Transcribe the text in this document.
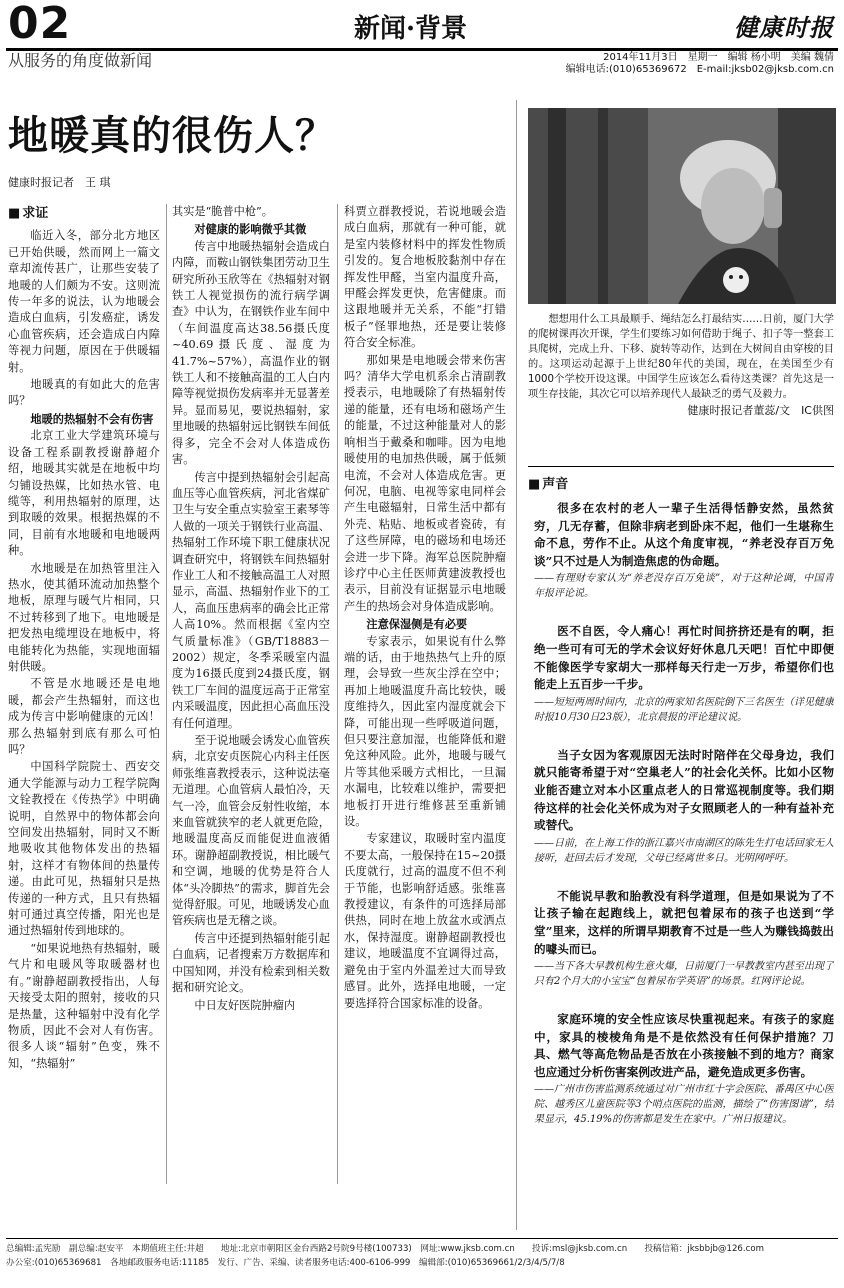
02
从服务的角度做新闻
新闻·背景	健康时报
2014年11月3日　星期一　编辑 杨小明　美编 魏倩
编辑电话:(010)65369672　E-mail:jksb02@jksb.com.cn
地暖真的很伤人？
健康时报记者　王 琪
■ 求证

临近入冬，部分北方地区已开始供暖，然而网上一篇文章却流传甚广，让那些安装了地暖的人们颇为不安。这则流传一年多的说法，认为地暖会造成白血病，引发癌症，诱发心血管疾病，还会造成白内障等视力问题，原因在于供暖辐射。

地暖真的有如此大的危害吗？

地暖的热辐射不会有伤害

北京工业大学建筑环境与设备工程系副教授谢静超介绍，地暖其实就是在地板中均匀铺设热媒，比如热水管、电缆等，利用热辐射的原理，达到取暖的效果。根据热媒的不同，目前有水地暖和电地暖两种。

水地暖是在加热管里注入热水，使其循环流动加热整个地板，原理与暖气片相同，只不过转移到了地下。电地暖是把发热电缆埋设在地板中，将电能转化为热能，实现地面辐射供暖。

不管是水地暖还是电地暖，都会产生热辐射，而这也成为传言中影响健康的元凶！那么热辐射到底有那么可怕吗？

中国科学院院士、西安交通大学能源与动力工程学院陶文铨教授在《传热学》中明确说明，自然界中的物体都会向空间发出热辐射，同时又不断地吸收其他物体发出的热辐射，这样才有物体间的热量传递。由此可见，热辐射只是热传递的一种方式，且只有热辐射可通过真空传播，阳光也是通过热辐射传到地球的。

“如果说地热有热辐射，暖气片和电暖风等取暖器材也有。”谢静超副教授指出，人每天接受太阳的照射，接收的只是热量，这种辐射中没有化学物质，因此不会对人有伤害。很多人谈“辐射”色变，殊不知，“热辐射”

其实是“脆普中枪”。

对健康的影响微乎其微

传言中地暖热辐射会造成白内障，而鞍山钢铁集团劳动卫生研究所孙玉欣等在《热辐射对钢铁工人视觉损伤的流行病学调查》中认为，在钢铁作业车间中（车间温度高达38.56摄氏度~40.69摄氏度、湿度为41.7%~57%），高温作业的钢铁工人和不接触高温的工人白内障等视觉损伤发病率并无显著差异。显而易见，要说热辐射，家里地暖的热辐射远比钢铁车间低得多，完全不会对人体造成伤害。

传言中提到热辐射会引起高血压等心血管疾病，河北省煤矿卫生与安全重点实验室王素琴等人做的一项关于钢铁行业高温、热辐射工作环境下职工健康状况调查研究中，将钢铁车间热辐射作业工人和不接触高温工人对照显示，高温、热辐射作业下的工人，高血压患病率的确会比正常人高10%。然而根据《室内空气质量标准》（GB/T18883－2002）规定，冬季采暖室内温度为16摄氏度到24摄氏度，钢铁工厂车间的温度远高于正常室内采暖温度，因此担心高血压没有任何道理。

至于说地暖会诱发心血管疾病，北京安贞医院心内科主任医师张维喜教授表示，这种说法毫无道理。心血管病人最怕冷，天气一冷，血管会反射性收缩，本来血管就狭窄的老人就更危险，地暖温度高反而能促进血液循环。谢静超副教授说，相比暖气和空调，地暖的优势是符合人体“头冷脚热”的需求，脚首先会觉得舒服。可见，地暖诱发心血管疾病也是无稽之谈。

传言中还提到热辐射能引起白血病，记者搜索万方数据库和中国知网，并没有检索到相关数据和研究论文。

中日友好医院肿瘤内

科贾立群教授说，若说地暖会造成白血病，那就有一种可能，就是室内装修材料中的挥发性物质引发的。复合地板胶黏剂中存在挥发性甲醛，当室内温度升高，甲醛会挥发更快，危害健康。而这跟地暖并无关系，不能“打错板子”怪罪地热，还是要让装修符合安全标准。

那如果是电地暖会带来伤害吗？清华大学电机系余占清副教授表示，电地暖除了有热辐射传递的能量，还有电场和磁场产生的能量，不过这种能量对人的影响相当于戴桑和咖啡。因为电地暖使用的电加热供暖，属于低频电流，不会对人体造成危害。更何况，电脑、电视等家电同样会产生电磁辐射，日常生活中都有外壳、粘贴、地板或者瓷砖，有了这些屏障，电的磁场和电场还会进一步下降。海军总医院肿瘤诊疗中心主任医师黄建波教授也表示，目前没有证据显示电地暖产生的热场会对身体造成影响。

注意保湿侧是有必要

专家表示，如果说有什么弊端的话，由于地热热气上升的原理，会导致一些灰尘浮在空中；再加上地暖温度升高比较快，暖度维持久，因此室内湿度就会下降，可能出现一些呼吸道问题，但只要注意加湿，也能降低和避免这种风险。此外，地暖与暖气片等其他采暖方式相比，一旦漏水漏电，比较难以维护，需要把地板打开进行维修甚至重新铺设。

专家建议，取暖时室内温度不要太高，一般保持在15~20摄氏度就行，过高的温度不但不利于节能，也影响舒适感。张维喜教授建议，有条件的可选择局部供热，同时在地上放盆水或洒点水，保持湿度。谢静超副教授也建议，地暖温度不宜调得过高，避免由于室内外温差过大而导致感冒。此外，选择电地暖，一定要选择符合国家标准的设备。

想想用什么工具最顺手、绳结怎么打最结实……日前，厦门大学的爬树课再次开课，学生们要练习如何借助于绳子、扣子等一整套工具爬树，完成上升、下移、旋转等动作，达到在大树间自由穿梭的目的。这项运动起源于上世纪80年代的美国，现在，在美国至少有1000个学校开设这课。中国学生应该怎么看待这类课？首先这是一项生存技能，其次它可以培养现代人最缺乏的勇气及毅力。

健康时报记者董蕊/文　IC供图

■ 声音

很多在农村的老人一辈子生活得恬静安然，虽然贫穷，几无存蓄，但除非病老到卧床不起，他们一生堪称生命不息，劳作不止。从这个角度审视，“养老没存百万免谈”只不过是人为制造焦虑的伪命题。

——有理财专家认为“养老没存百万免谈”，对于这种论调，中国青年报评论说。

医不自医，令人痛心！再忙时间挤挤还是有的啊，拒绝一些可有可无的学术会议好好休息几天吧！百忙中即便不能像医学专家胡大一那样每天行走一万步，希望你们也能走上五百步一千步。

——短短两周时间内，北京的两家知名医院倒下三名医生（详见健康时报10月30日23版），北京晨报的评论建议说。

当子女因为客观原因无法时时陪伴在父母身边，我们就只能寄希望于对“空巢老人”的社会化关怀。比如小区物业能否建立对本小区重点老人的日常巡视制度等。我们期待这样的社会化关怀成为对子女照顾老人的一种有益补充或替代。

——日前，在上海工作的浙江嘉兴市南湖区的陈先生打电话回家无人接听，赶回去后才发现，父母已经离世多日。光明网呼吁。

不能说早教和胎教没有科学道理，但是如果说为了不让孩子输在起跑线上，就把包着尿布的孩子也送到“学堂”里来，这样的所谓早期教育不过是一些人为赚钱捣鼓出的噱头而已。

——当下各大早教机构生意火爆，日前厦门一早教教室内甚至出现了只有2个月大的小宝宝“包着尿布学英语”的场景。红网评论说。

家庭环境的安全性应该尽快重视起来。有孩子的家庭中，家具的棱棱角角是不是依然没有任何保护措施？刀具、燃气等高危物品是否放在小孩接触不到的地方？商家也应通过分析伤害案例改进产品，避免造成更多伤害。

——广州市伤害监测系统通过对广州市红十字会医院、番禺区中心医院、越秀区儿童医院等3个哨点医院的监测，描绘了“伤害图谱”，结果显示，45.19%的伤害都是发生在家中。广州日报建议。

总编辑:孟宪励　副总编:赵安平　本期值班主任:井超　　地址:北京市朝阳区金台西路2号院9号楼(100733)　网址:www.jksb.com.cn　　投诉:msl@jksb.com.cn　　投稿信箱：jksbbjb@126.com
办公室:(010)65369681　各地邮政服务电话:11185　发行、广告、采编、读者服务电话:400-6106-999　编辑部:(010)65369661/2/3/4/5/7/8
